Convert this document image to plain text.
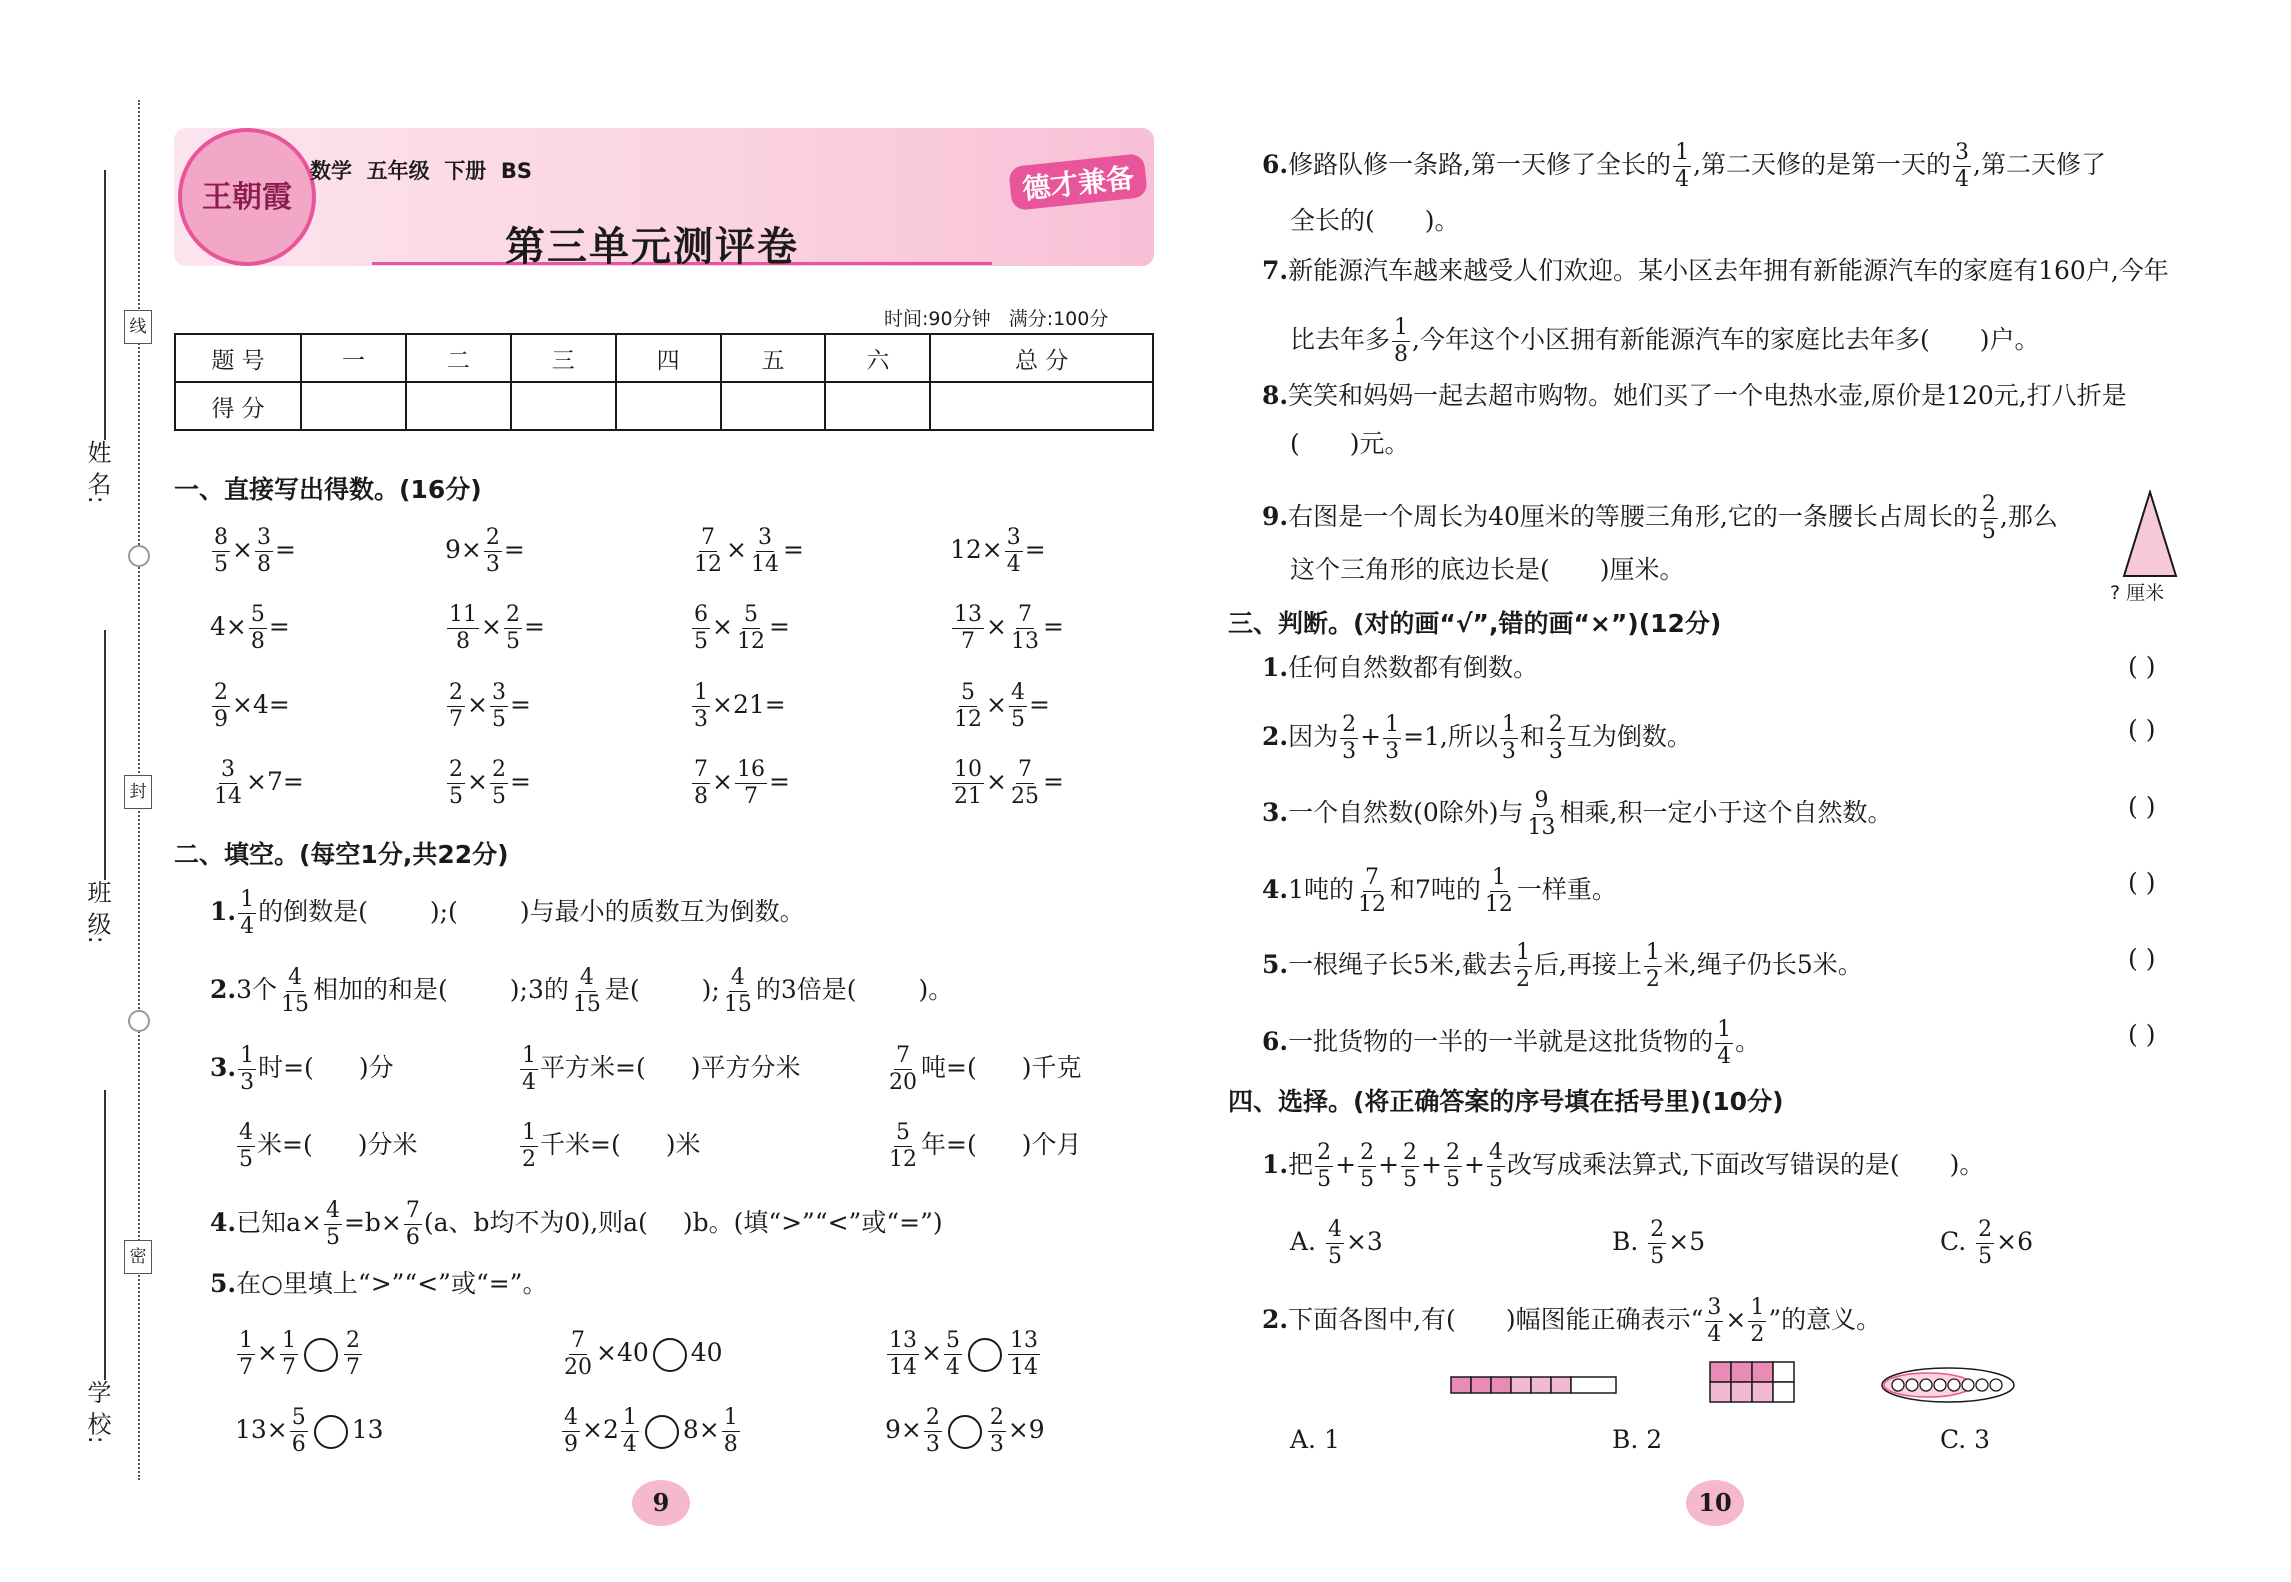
姓 名:
班 级:
学 校:
线
封
密
王朝霞
数学  五年级  下册  BS	德才兼备
第三单元测评卷
时间:90分钟   满分:100分
题 号	一	二	三	四	五	六	总 分
得 分							
一、直接写出得数。(16分)
$\frac{8}{5} \times \frac{3}{8}$ =	$9\times \frac{2}{3}$ =	$\frac{7}{12} \times \frac{3}{14}$ =	$12\times \frac{3}{4}$ =
$4\times \frac{5}{8}$ =	$\frac{11}{8} \times \frac{2}{5}$ =	$\frac{6}{5} \times \frac{5}{12}$ =	$\frac{13}{7} \times \frac{7}{13}$ =
$\frac{2}{9} \times 4=$	$\frac{2}{7} \times \frac{3}{5}$ =	$\frac{1}{3} \times 21=$	$\frac{5}{12} \times \frac{4}{5}$ =
$\frac{3}{14} \times 7=$	$\frac{2}{5} \times \frac{2}{5}$ =	$\frac{7}{8} \times \frac{16}{7}$ =	$\frac{10}{21} \times \frac{7}{25}$ =
二、填空。(每空1分,共22分)
1. $\frac{1}{4}$ 的倒数是( );( )与最小的质数互为倒数。
2.3个 $\frac{4}{15}$ 相加的和是( );3的 $\frac{4}{15}$ 是( ); $\frac{4}{15}$ 的3倍是( )。
3. $\frac{1}{3}$ 时=( )分	$\frac{1}{4}$ 平方米=( )平方分米	$\frac{7}{20}$ 吨=( )千克
$\frac{4}{5}$ 米=( )分米	$\frac{1}{2}$ 千米=( )米	$\frac{5}{12}$ 年=( )个月
4.已知$a\times \frac{4}{5} =b\times \frac{7}{6} (a$、b均不为0),则a( )b。(填“>”“<”或“=”)
5.在○里填上“>”“<”或“=”。
$\frac{1}{7} \times \frac{1}{7} \frac{2}{7}$	$\frac{7}{20} \times 40$ 40	$\frac{13}{14} \times \frac{5}{4} \frac{13}{14}$
$13\times \frac{5}{6} 13$	$\frac{4}{9} \times 2 \frac{1}{4} 8\times \frac{1}{8}$	$9\times \frac{2}{3} \frac{2}{3} \times 9$
9
6.修路队修一条路,第一天修了全长的 $\frac{1}{4}$ ,第二天修的是第一天的 $\frac{3}{4}$ ,第二天修了
全长的( )。
7.新能源汽车越来越受人们欢迎。某小区去年拥有新能源汽车的家庭有160户,今年
比去年多 $\frac{1}{8}$ ,今年这个小区拥有新能源汽车的家庭比去年多( )户。
8.笑笑和妈妈一起去超市购物。她们买了一个电热水壶,原价是120元,打八折是
( )元。
9.右图是一个周长为40厘米的等腰三角形,它的一条腰长占周长的 $\frac{2}{5}$ ,那么
这个三角形的底边长是( )厘米。
? 厘米
三、判断。(对的画“√”,错的画“×”)(12分)
1.任何自然数都有倒数。	( )
2.因为 $\frac{2}{3} + \frac{1}{3} =1$,所以 $\frac{1}{3}$ 和 $\frac{2}{3}$ 互为倒数。	( )
3.一个自然数(0除外)与 $\frac{9}{13}$ 相乘,积一定小于这个自然数。	( )
4.1吨的 $\frac{7}{12}$ 和7吨的 $\frac{1}{12}$ 一样重。	( )
5.一根绳子长5米,截去 $\frac{1}{2}$ 后,再接上 $\frac{1}{2}$ 米,绳子仍长5米。	( )
6.一批货物的一半的一半就是这批货物的 $\frac{1}{4}$ 。	( )
四、选择。(将正确答案的序号填在括号里)(10分)
1.把 $\frac{2}{5} + \frac{2}{5} + \frac{2}{5} + \frac{2}{5} + \frac{4}{5}$ 改写成乘法算式,下面改写错误的是( )。
A. $\frac{4}{5} \times 3$	B. $\frac{2}{5} \times 5$	C. $\frac{2}{5} \times 6$
2.下面各图中,有( )幅图能正确表示“ $\frac{3}{4} \times \frac{1}{2}$ ”的意义。
A. 1	B. 2	C. 3
10
